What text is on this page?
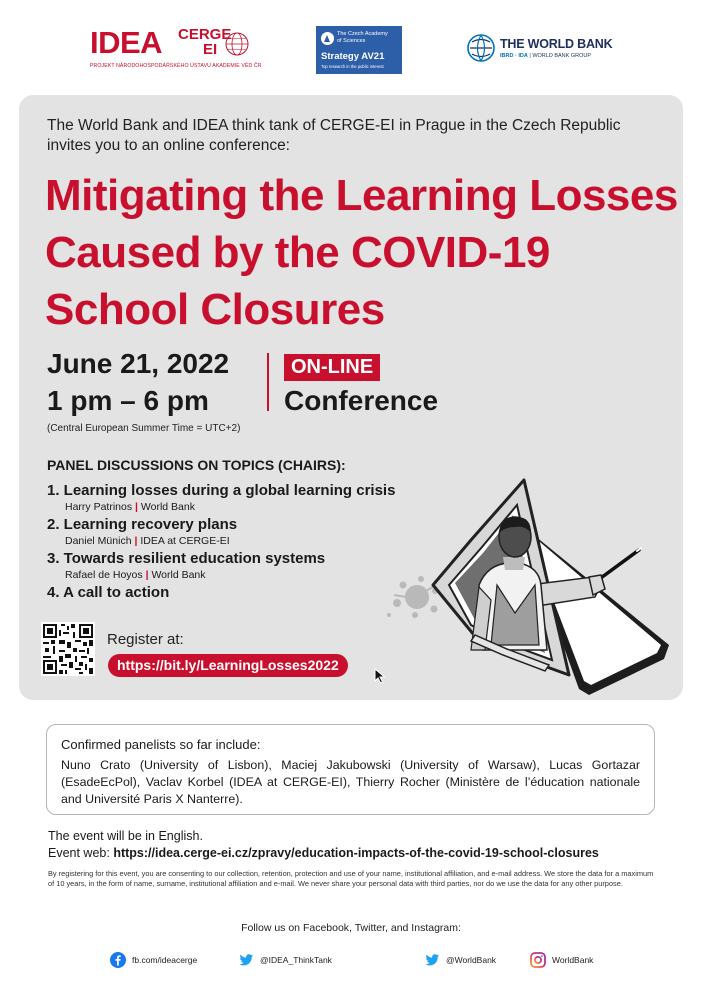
IDEA CERGE
EI
PROJEKT NÁRODOHOSPODÁŘSKÉHO ÚSTAVU AKADEMIE VĚD ČR
The Czech Academy
of Sciences
Strategy AV21
Top research in the public interest
THE WORLD BANK
IBRD · IDA | WORLD BANK GROUP

The World Bank and IDEA think tank of CERGE-EI in Prague in the Czech Republic invites you to an online conference:

Mitigating the Learning Losses Caused by the COVID-19 School Closures
June 21, 2022
1 pm – 6 pm
(Central European Summer Time = UTC+2)
ON-LINE
Conference
PANEL DISCUSSIONS ON TOPICS (CHAIRS):
1. Learning losses during a global learning crisis
Harry Patrinos | World Bank
2. Learning recovery plans
Daniel Münich | IDEA at CERGE-EI
3. Towards resilient education systems
Rafael de Hoyos | World Bank
4. A call to action
Register at:
https://bit.ly/LearningLosses2022
Confirmed panelists so far include:
Nuno Crato (University of Lisbon), Maciej Jakubowski (University of Warsaw), Lucas Gortazar (EsadeEcPol), Vaclav Korbel (IDEA at CERGE-EI), Thierry Rocher (Ministère de l’éducation nationale and Université Paris X Nanterre).
The event will be in English.
Event web: https://idea.cerge-ei.cz/zpravy/education-impacts-of-the-covid-19-school-closures
By registering for this event, you are consenting to our collection, retention, protection and use of your name, institutional affiliation, and e-mail address. We store the data for a maximum of 10 years, in the form of name, surname, institutional affiliation and e-mail. We never share your personal data with third parties, nor do we use the data for any other purpose.
Follow us on Facebook, Twitter, and Instagram:
fb.com/ideacerge	@IDEA_ThinkTank	@WorldBank	WorldBank
